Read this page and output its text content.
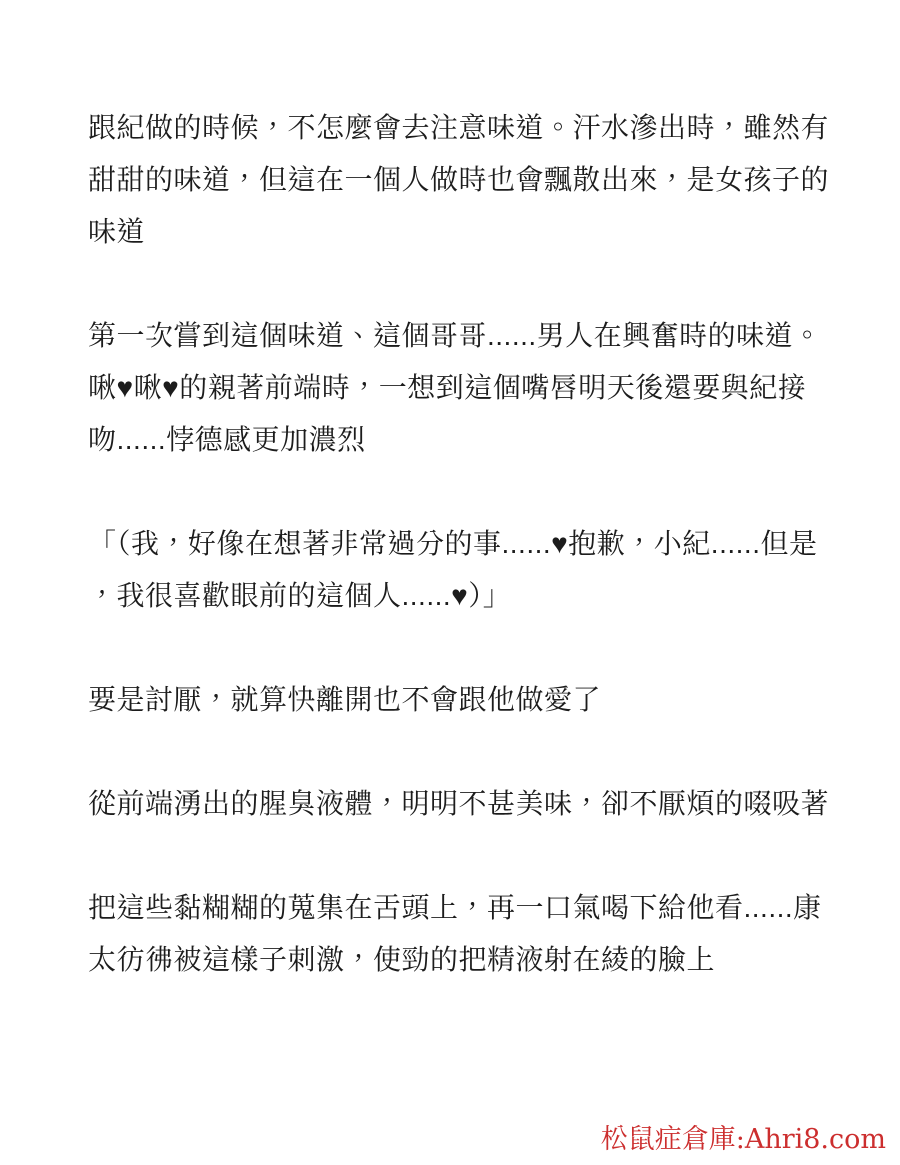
跟紀做的時候，不怎麼會去注意味道。汗水滲出時，雖然有
甜甜的味道，但這在一個人做時也會飄散出來，是女孩子的
味道
第一次嘗到這個味道、這個哥哥......男人在興奮時的味道。
啾♥啾♥的親著前端時，一想到這個嘴唇明天後還要與紀接
吻......悖德感更加濃烈
「（我，好像在想著非常過分的事......♥抱歉，小紀......但是
，我很喜歡眼前的這個人......♥）」
要是討厭，就算快離開也不會跟他做愛了
從前端湧出的腥臭液體，明明不甚美味，卻不厭煩的啜吸著
把這些黏糊糊的蒐集在舌頭上，再一口氣喝下給他看......康
太彷彿被這樣子刺激，使勁的把精液射在綾的臉上
松鼠症倉庫:Ahri8.com
